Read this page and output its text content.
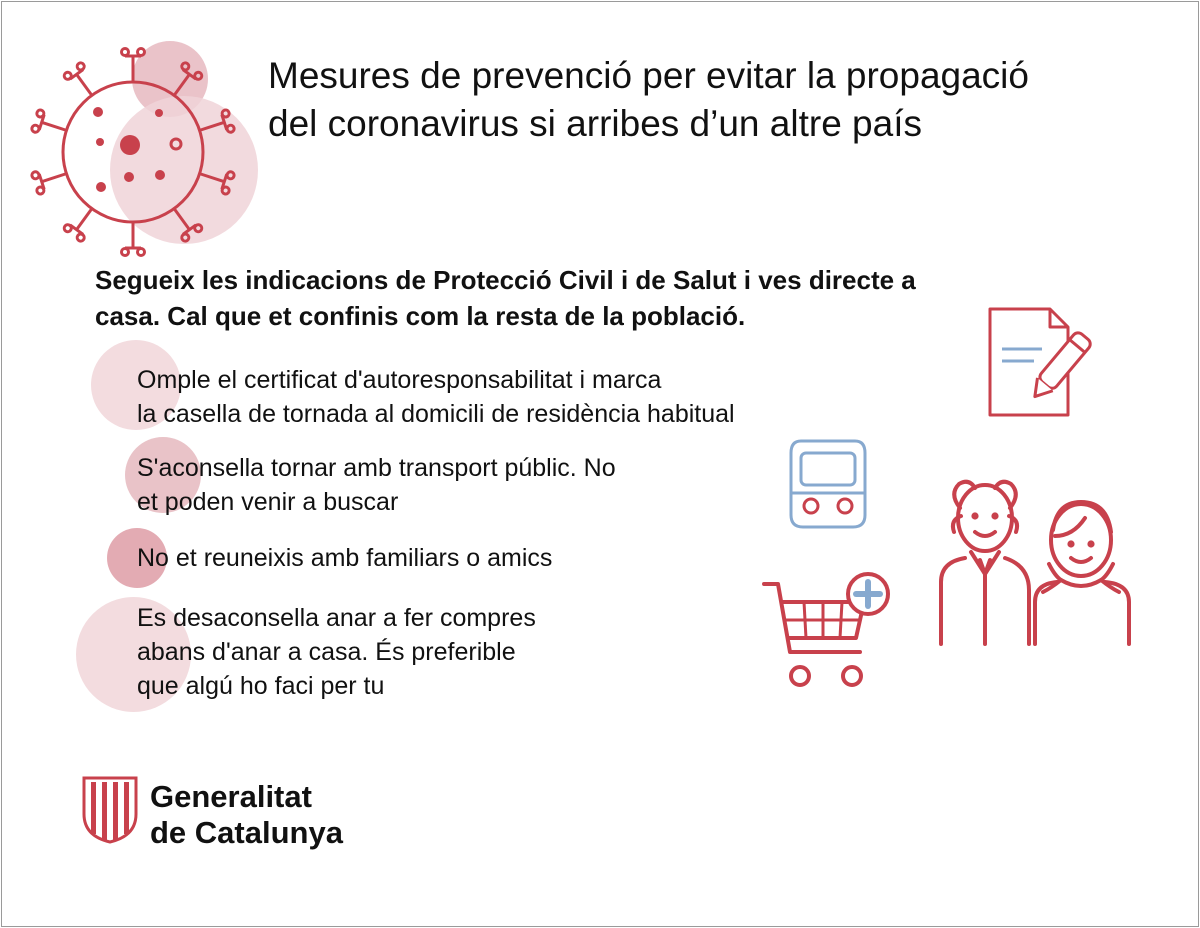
Mesures de prevenció per evitar la propagació
del coronavirus si arribes d’un altre país
Segueix les indicacions de Protecció Civil i de Salut i ves directe a
casa. Cal que et confinis com la resta de la població.
Omple el certificat d'autoresponsabilitat i marca
la casella de tornada al domicili de residència habitual
S'aconsella tornar amb transport públic. No
et poden venir a buscar
No et reuneixis amb familiars o amics
Es desaconsella anar a fer compres
abans d'anar a casa. És preferible
que algú ho faci per tu
Generalitat
de Catalunya
